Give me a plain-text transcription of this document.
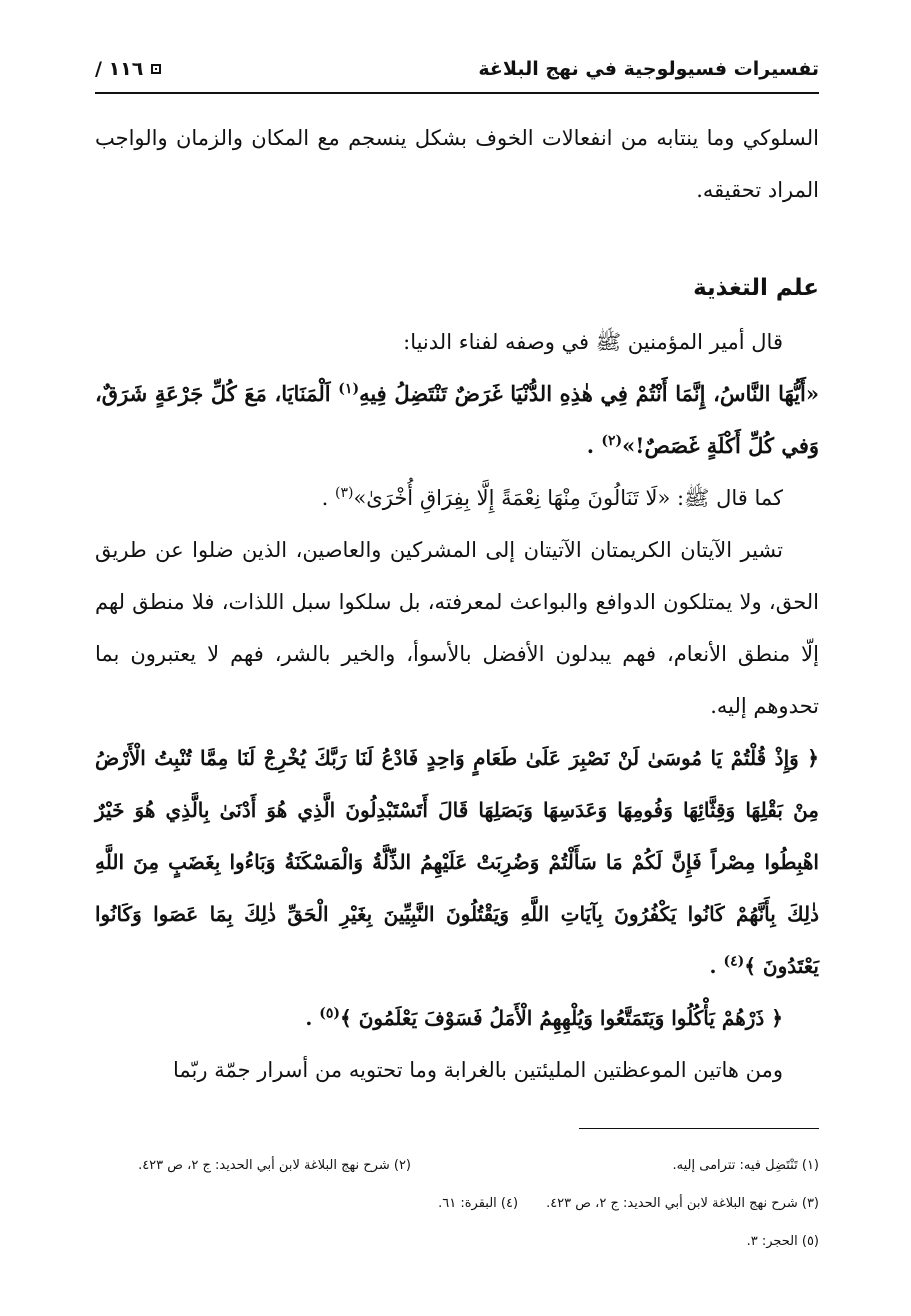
١١٦ /	تفسيرات فسيولوجية في نهج البلاغة

السلوكي وما ينتابه من انفعالات الخوف بشكل ينسجم مع المكان والزمان والواجب المراد تحقيقه.

علم التغذية

قال أمير المؤمنين ﷺ في وصفه لفناء الدنيا:

«أَيُّهَا النَّاسُ، إِنَّمَا أَنْتُمْ فِي هٰذِهِ الدُّنْيَا غَرَضٌ تَنْتَضِلُ فِيهِ$^{(١)}$ اَلْمَنَايَا، مَعَ كُلِّ جَرْعَةٍ شَرَقٌ، وَفي كُلِّ أَكْلَةٍ غَصَصٌ!»$^{(٢)}$ .

كما قال ﷺ: «لَا تَنَالُونَ مِنْهَا نِعْمَةً إِلَّا بِفِرَاقِ أُخْرَىٰ»$^{(٣)}$ .

تشير الآيتان الكريمتان الآتيتان إلى المشركين والعاصين، الذين ضلوا عن طريق الحق، ولا يمتلكون الدوافع والبواعث لمعرفته، بل سلكوا سبل اللذات، فلا منطق لهم إلّا منطق الأنعام، فهم يبدلون الأفضل بالأسوأ، والخير بالشر، فهم لا يعتبرون بما تحدوهم إليه.

﴿ وَإِذْ قُلْتُمْ يَا مُوسَىٰ لَنْ نَصْبِرَ عَلَىٰ طَعَامٍ وَاحِدٍ فَادْعُ لَنَا رَبَّكَ يُخْرِجْ لَنَا مِمَّا تُنْبِتُ الْأَرْضُ مِنْ بَقْلِهَا وَقِثَّائِهَا وَفُومِهَا وَعَدَسِهَا وَبَصَلِهَا قَالَ أَتَسْتَبْدِلُونَ الَّذِي هُوَ أَدْنَىٰ بِالَّذِي هُوَ خَيْرٌ اهْبِطُوا مِصْراً فَإِنَّ لَكُمْ مَا سَأَلْتُمْ وَضُرِبَتْ عَلَيْهِمُ الذِّلَّةُ وَالْمَسْكَنَةُ وَبَاءُوا بِغَضَبٍ مِنَ اللَّهِ ذٰلِكَ بِأَنَّهُمْ كَانُوا يَكْفُرُونَ بِآيَاتِ اللَّهِ وَيَقْتُلُونَ النَّبِيِّينَ بِغَيْرِ الْحَقِّ ذٰلِكَ بِمَا عَصَوا وَكَانُوا يَعْتَدُونَ ﴾$^{(٤)}$ .

﴿ ذَرْهُمْ يَأْكُلُوا وَيَتَمَتَّعُوا وَيُلْهِهِمُ الْأَمَلُ فَسَوْفَ يَعْلَمُونَ ﴾$^{(٥)}$ .

ومن هاتين الموعظتين المليئتين بالغرابة وما تحتويه من أسرار جمّة ربّما

(١) تَنْتَضِل فيه: تترامى إليه.
(٢) شرح نهج البلاغة لابن أبي الحديد: ج ٢، ص ٤٢٣.
(٣) شرح نهج البلاغة لابن أبي الحديد: ج ٢، ص ٤٢٣.
(٤) البقرة: ٦١.
(٥) الحجر: ٣.
